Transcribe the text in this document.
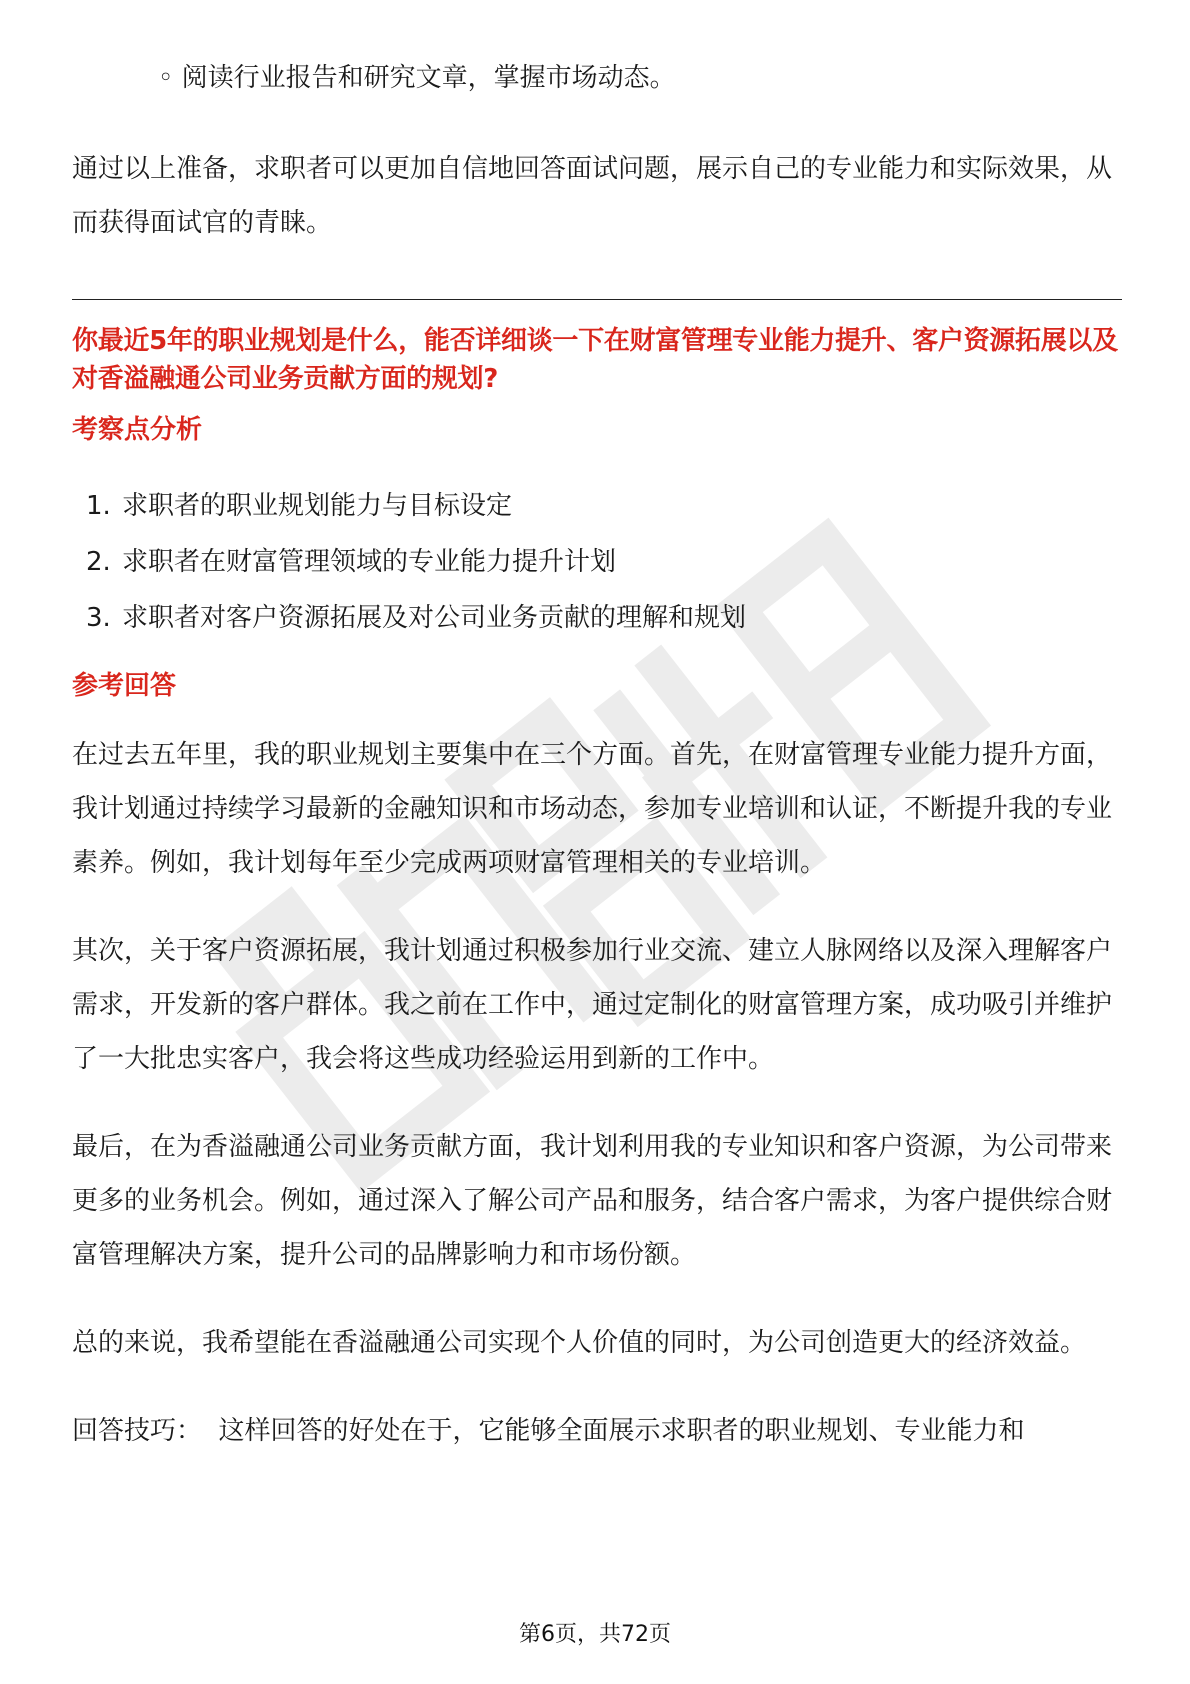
◦ 阅读行业报告和研究文章，掌握市场动态。

通过以上准备，求职者可以更加自信地回答面试问题，展示自己的专业能力和实际效果，从而获得面试官的青睐。

你最近5年的职业规划是什么，能否详细谈一下在财富管理专业能力提升、客户资源拓展以及对香溢融通公司业务贡献方面的规划?

考察点分析

1. 求职者的职业规划能力与目标设定
2. 求职者在财富管理领域的专业能力提升计划
3. 求职者对客户资源拓展及对公司业务贡献的理解和规划

参考回答

在过去五年里，我的职业规划主要集中在三个方面。首先，在财富管理专业能力提升方面，我计划通过持续学习最新的金融知识和市场动态，参加专业培训和认证，不断提升我的专业素养。例如，我计划每年至少完成两项财富管理相关的专业培训。

其次，关于客户资源拓展，我计划通过积极参加行业交流、建立人脉网络以及深入理解客户需求，开发新的客户群体。我之前在工作中，通过定制化的财富管理方案，成功吸引并维护了一大批忠实客户，我会将这些成功经验运用到新的工作中。

最后，在为香溢融通公司业务贡献方面，我计划利用我的专业知识和客户资源，为公司带来更多的业务机会。例如，通过深入了解公司产品和服务，结合客户需求，为客户提供综合财富管理解决方案，提升公司的品牌影响力和市场份额。

总的来说，我希望能在香溢融通公司实现个人价值的同时，为公司创造更大的经济效益。

回答技巧：  这样回答的好处在于，它能够全面展示求职者的职业规划、专业能力和

第6页，共72页
